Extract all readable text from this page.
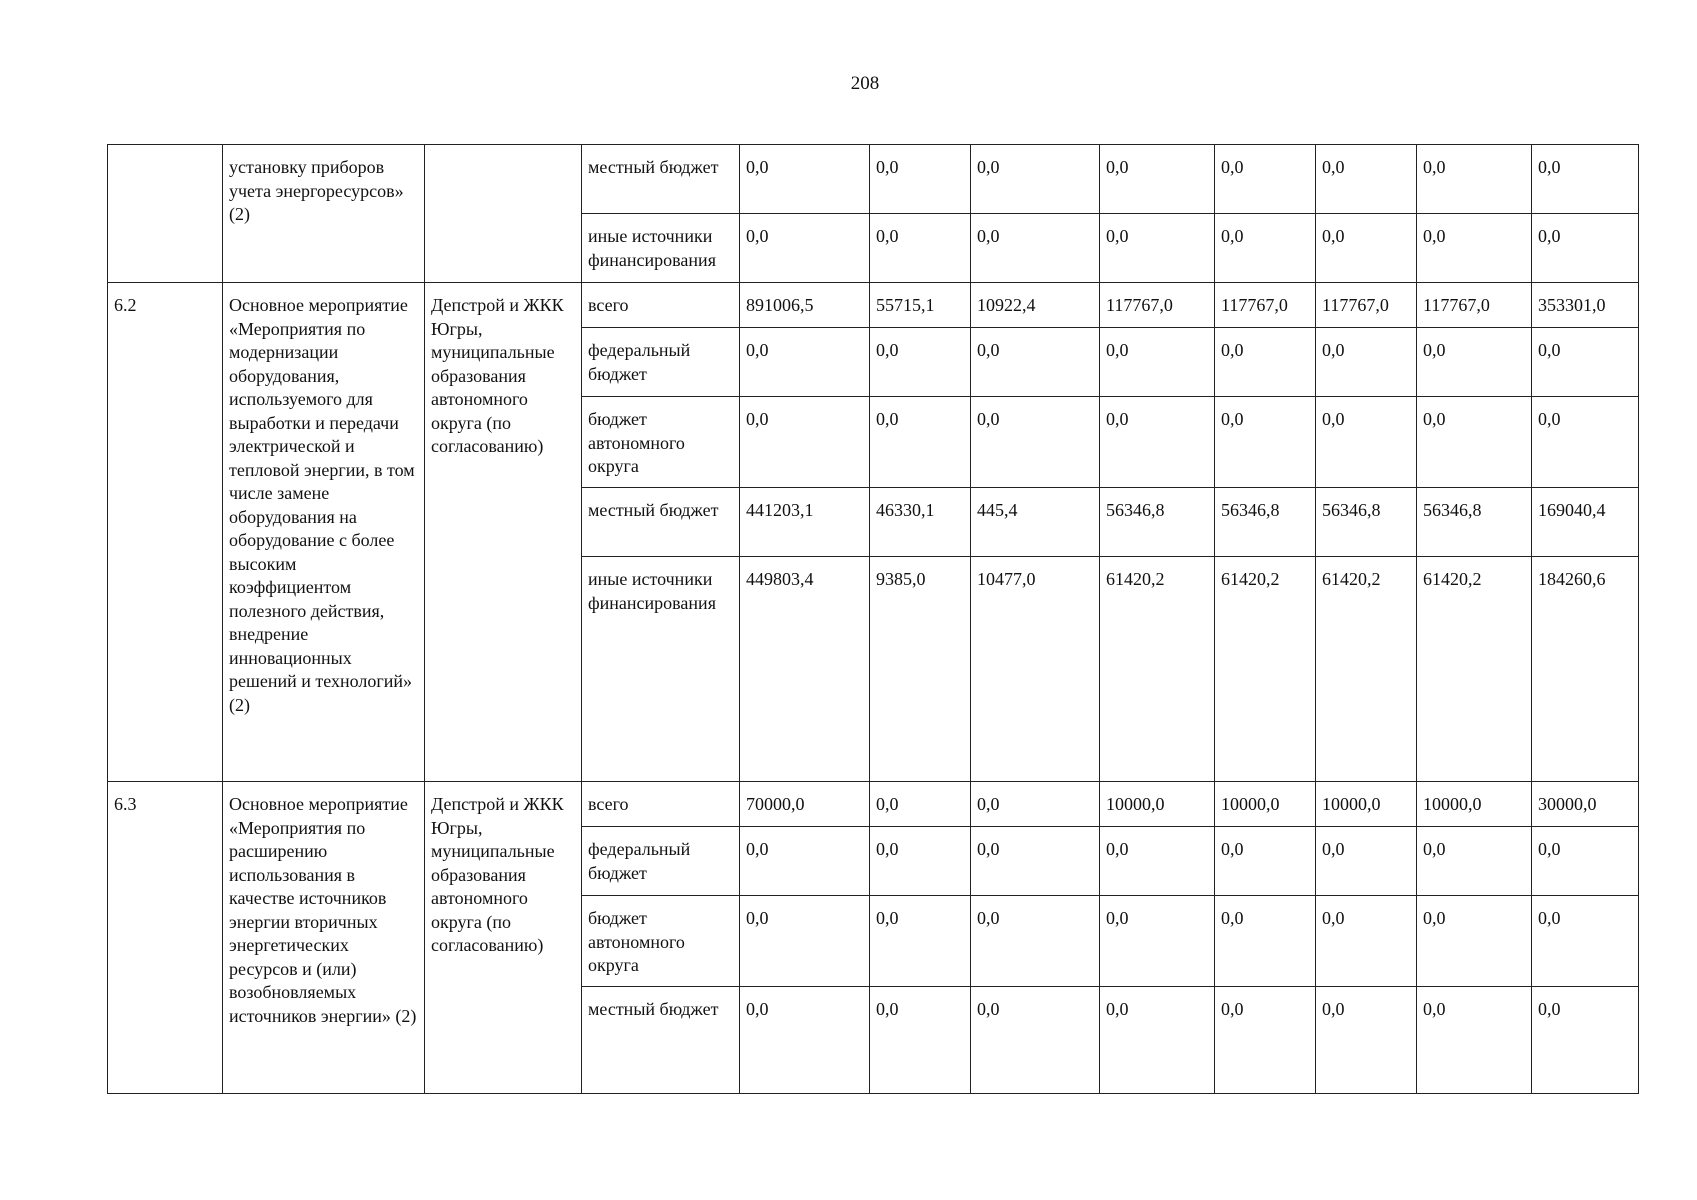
208
	установку приборов учета энергоресурсов» (2)		местный бюджет	0,0	0,0	0,0	0,0	0,0	0,0	0,0	0,0
			иные источники финансирования	0,0	0,0	0,0	0,0	0,0	0,0	0,0	0,0
6.2	Основное мероприятие «Мероприятия по модернизации оборудования, используемого для выработки и передачи электрической и тепловой энергии, в том числе замене оборудования на оборудование с более высоким коэффициентом полезного действия, внедрение инновационных решений и технологий» (2)	Депстрой и ЖКК Югры, муниципальные образования автономного округа (по согласованию)	всего	891006,5	55715,1	10922,4	117767,0	117767,0	117767,0	117767,0	353301,0
			федеральный бюджет	0,0	0,0	0,0	0,0	0,0	0,0	0,0	0,0
			бюджет автономного округа	0,0	0,0	0,0	0,0	0,0	0,0	0,0	0,0
			местный бюджет	441203,1	46330,1	445,4	56346,8	56346,8	56346,8	56346,8	169040,4
			иные источники финансирования	449803,4	9385,0	10477,0	61420,2	61420,2	61420,2	61420,2	184260,6
6.3	Основное мероприятие «Мероприятия по расширению использования в качестве источников энергии вторичных энергетических ресурсов и (или) возобновляемых источников энергии» (2)	Депстрой и ЖКК Югры, муниципальные образования автономного округа (по согласованию)	всего	70000,0	0,0	0,0	10000,0	10000,0	10000,0	10000,0	30000,0
			федеральный бюджет	0,0	0,0	0,0	0,0	0,0	0,0	0,0	0,0
			бюджет автономного округа	0,0	0,0	0,0	0,0	0,0	0,0	0,0	0,0
			местный бюджет	0,0	0,0	0,0	0,0	0,0	0,0	0,0	0,0
